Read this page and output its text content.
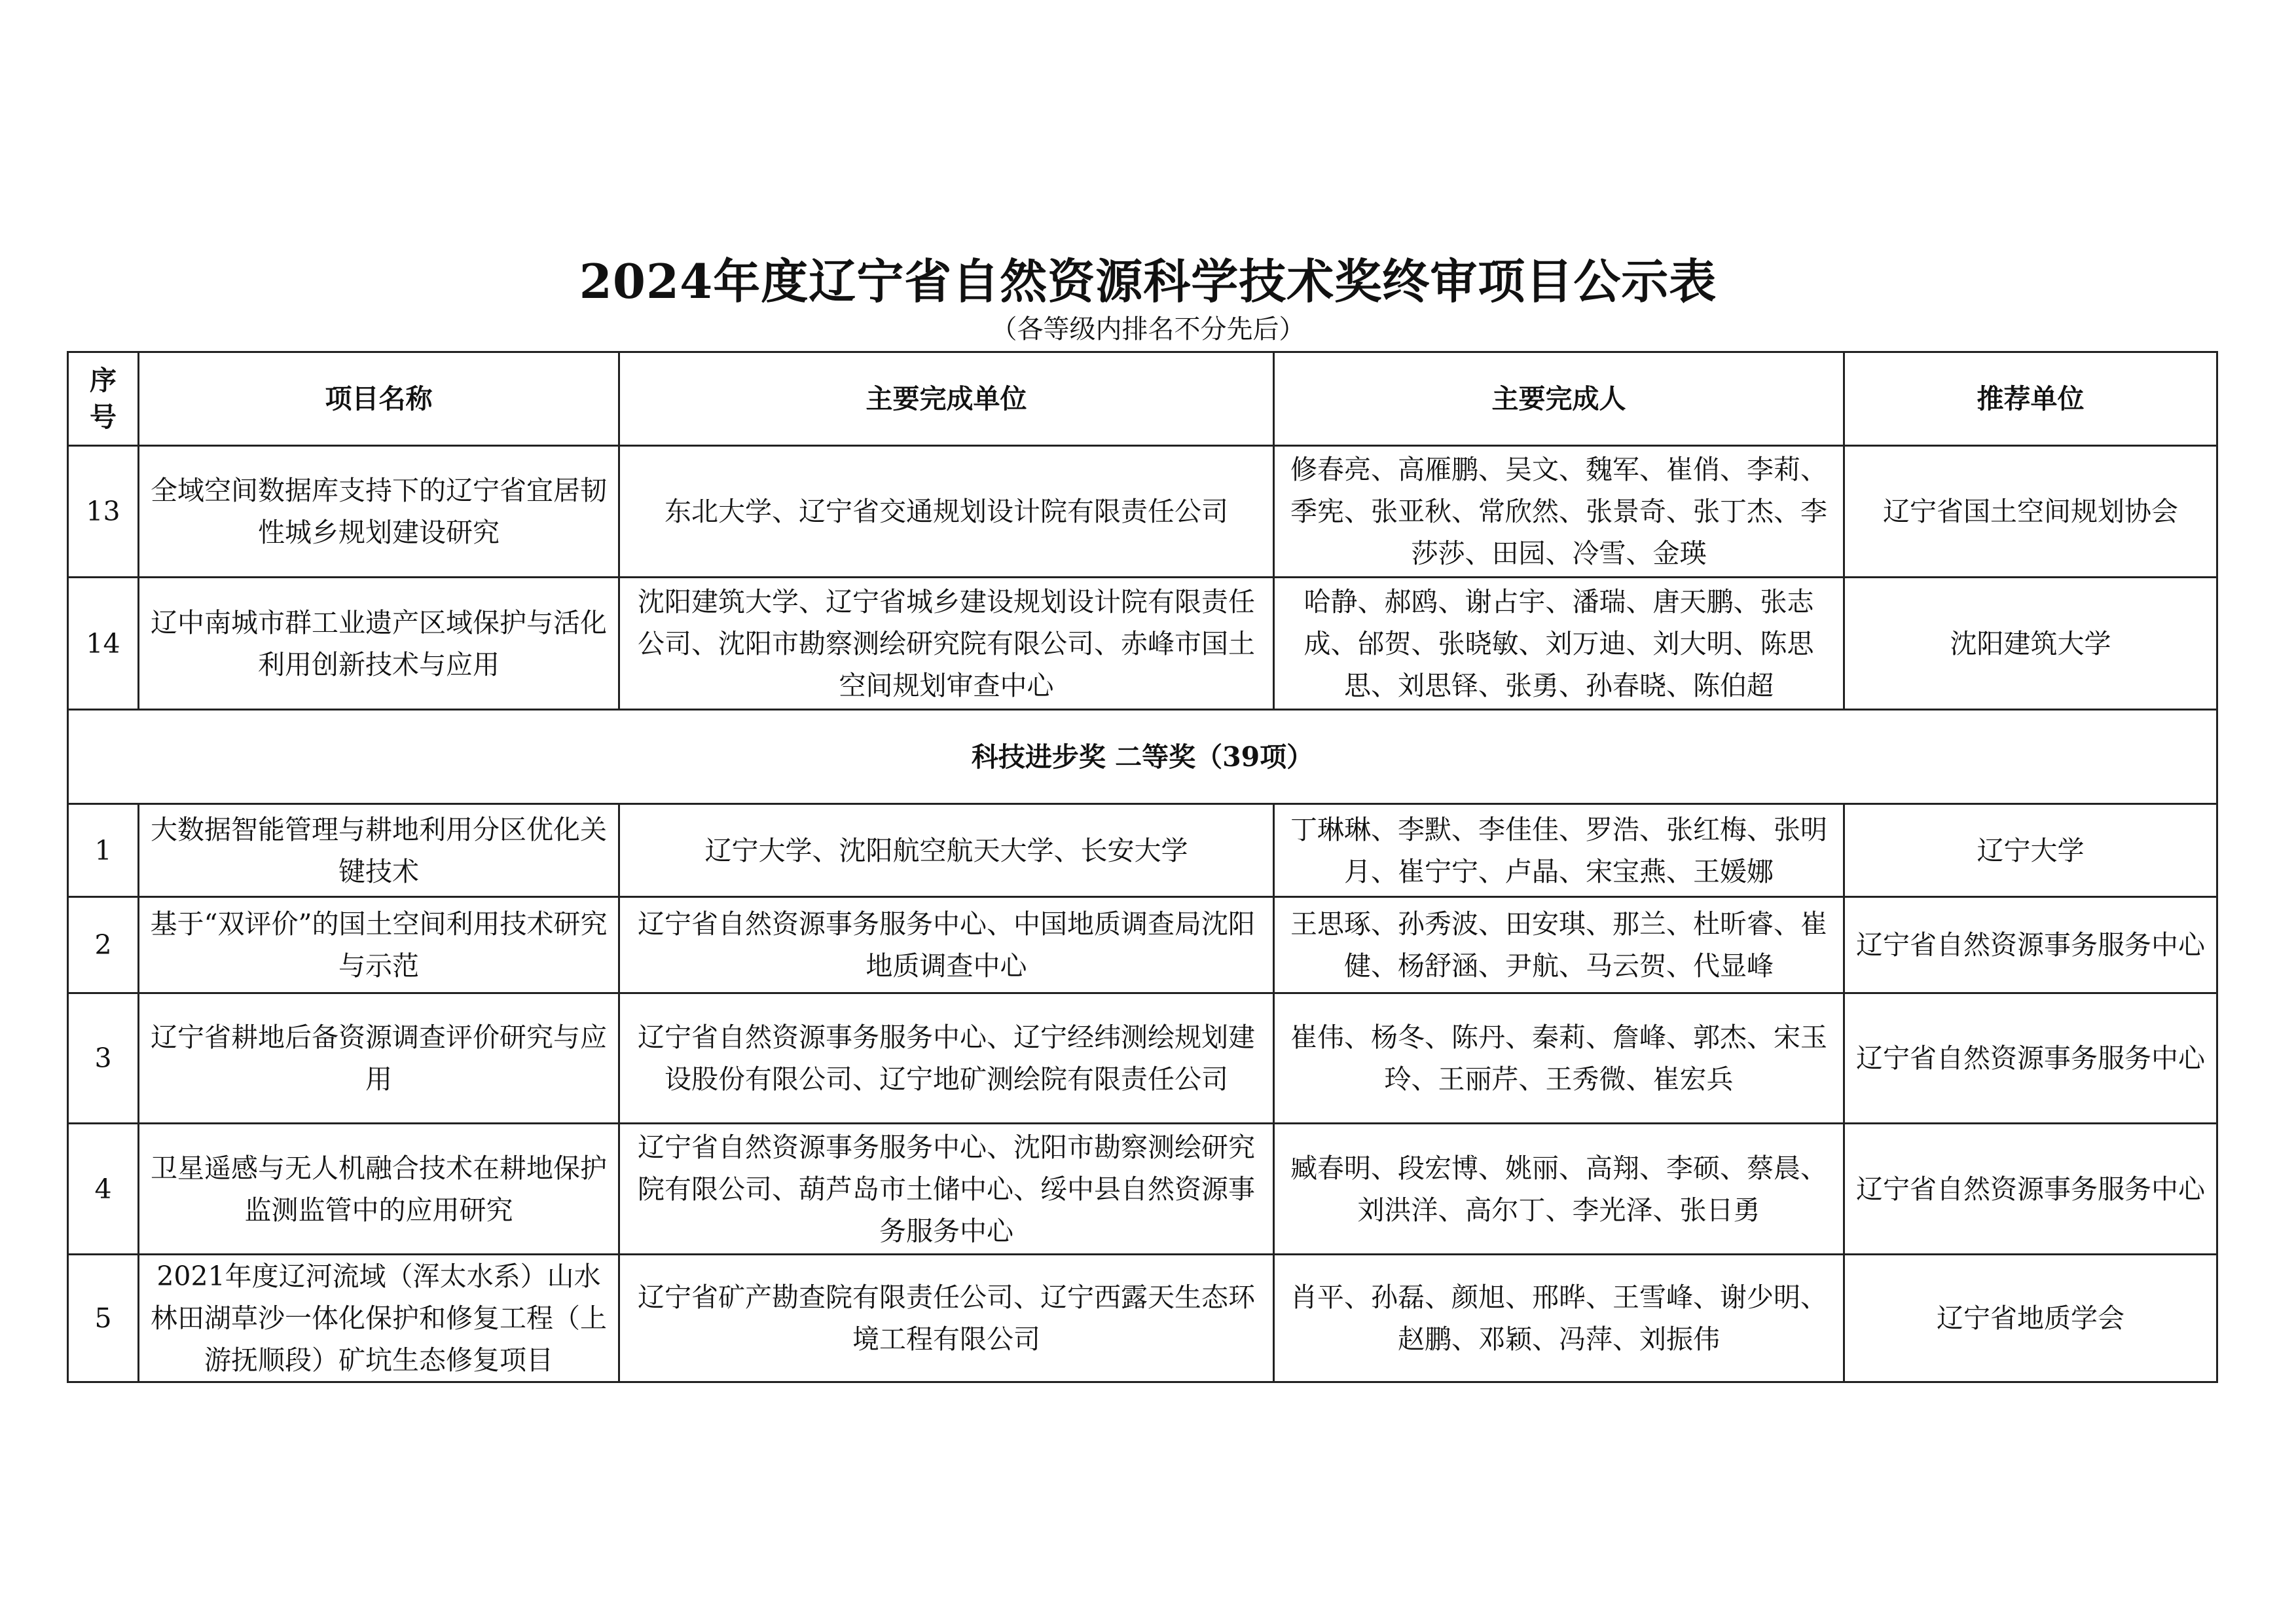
2024年度辽宁省自然资源科学技术奖终审项目公示表
（各等级内排名不分先后）
序号	项目名称	主要完成单位	主要完成人	推荐单位
13	全域空间数据库支持下的辽宁省宜居韧性城乡规划建设研究	东北大学、辽宁省交通规划设计院有限责任公司	修春亮、高雁鹏、吴文、魏军、崔俏、李莉、季宪、张亚秋、常欣然、张景奇、张丁杰、李莎莎、田园、冷雪、金瑛	辽宁省国土空间规划协会
14	辽中南城市群工业遗产区域保护与活化利用创新技术与应用	沈阳建筑大学、辽宁省城乡建设规划设计院有限责任公司、沈阳市勘察测绘研究院有限公司、赤峰市国土空间规划审查中心	哈静、郝鸥、谢占宇、潘瑞、唐天鹏、张志成、邰贺、张晓敏、刘万迪、刘大明、陈思思、刘思铎、张勇、孙春晓、陈伯超	沈阳建筑大学
科技进步奖 二等奖（39项）				
1	大数据智能管理与耕地利用分区优化关键技术	辽宁大学、沈阳航空航天大学、长安大学	丁琳琳、李默、李佳佳、罗浩、张红梅、张明月、崔宁宁、卢晶、宋宝燕、王媛娜	辽宁大学
2	基于“双评价”的国土空间利用技术研究与示范	辽宁省自然资源事务服务中心、中国地质调查局沈阳地质调查中心	王思琢、孙秀波、田安琪、那兰、杜昕睿、崔健、杨舒涵、尹航、马云贺、代显峰	辽宁省自然资源事务服务中心
3	辽宁省耕地后备资源调查评价研究与应用	辽宁省自然资源事务服务中心、辽宁经纬测绘规划建设股份有限公司、辽宁地矿测绘院有限责任公司	崔伟、杨冬、陈丹、秦莉、詹峰、郭杰、宋玉玲、王丽芹、王秀微、崔宏兵	辽宁省自然资源事务服务中心
4	卫星遥感与无人机融合技术在耕地保护监测监管中的应用研究	辽宁省自然资源事务服务中心、沈阳市勘察测绘研究院有限公司、葫芦岛市土储中心、绥中县自然资源事务服务中心	臧春明、段宏博、姚丽、高翔、李硕、蔡晨、刘洪洋、高尔丁、李光泽、张日勇	辽宁省自然资源事务服务中心
5	2021年度辽河流域（浑太水系）山水林田湖草沙一体化保护和修复工程（上游抚顺段）矿坑生态修复项目	辽宁省矿产勘查院有限责任公司、辽宁西露天生态环境工程有限公司	肖平、孙磊、颜旭、邢晔、王雪峰、谢少明、赵鹏、邓颖、冯萍、刘振伟	辽宁省地质学会
